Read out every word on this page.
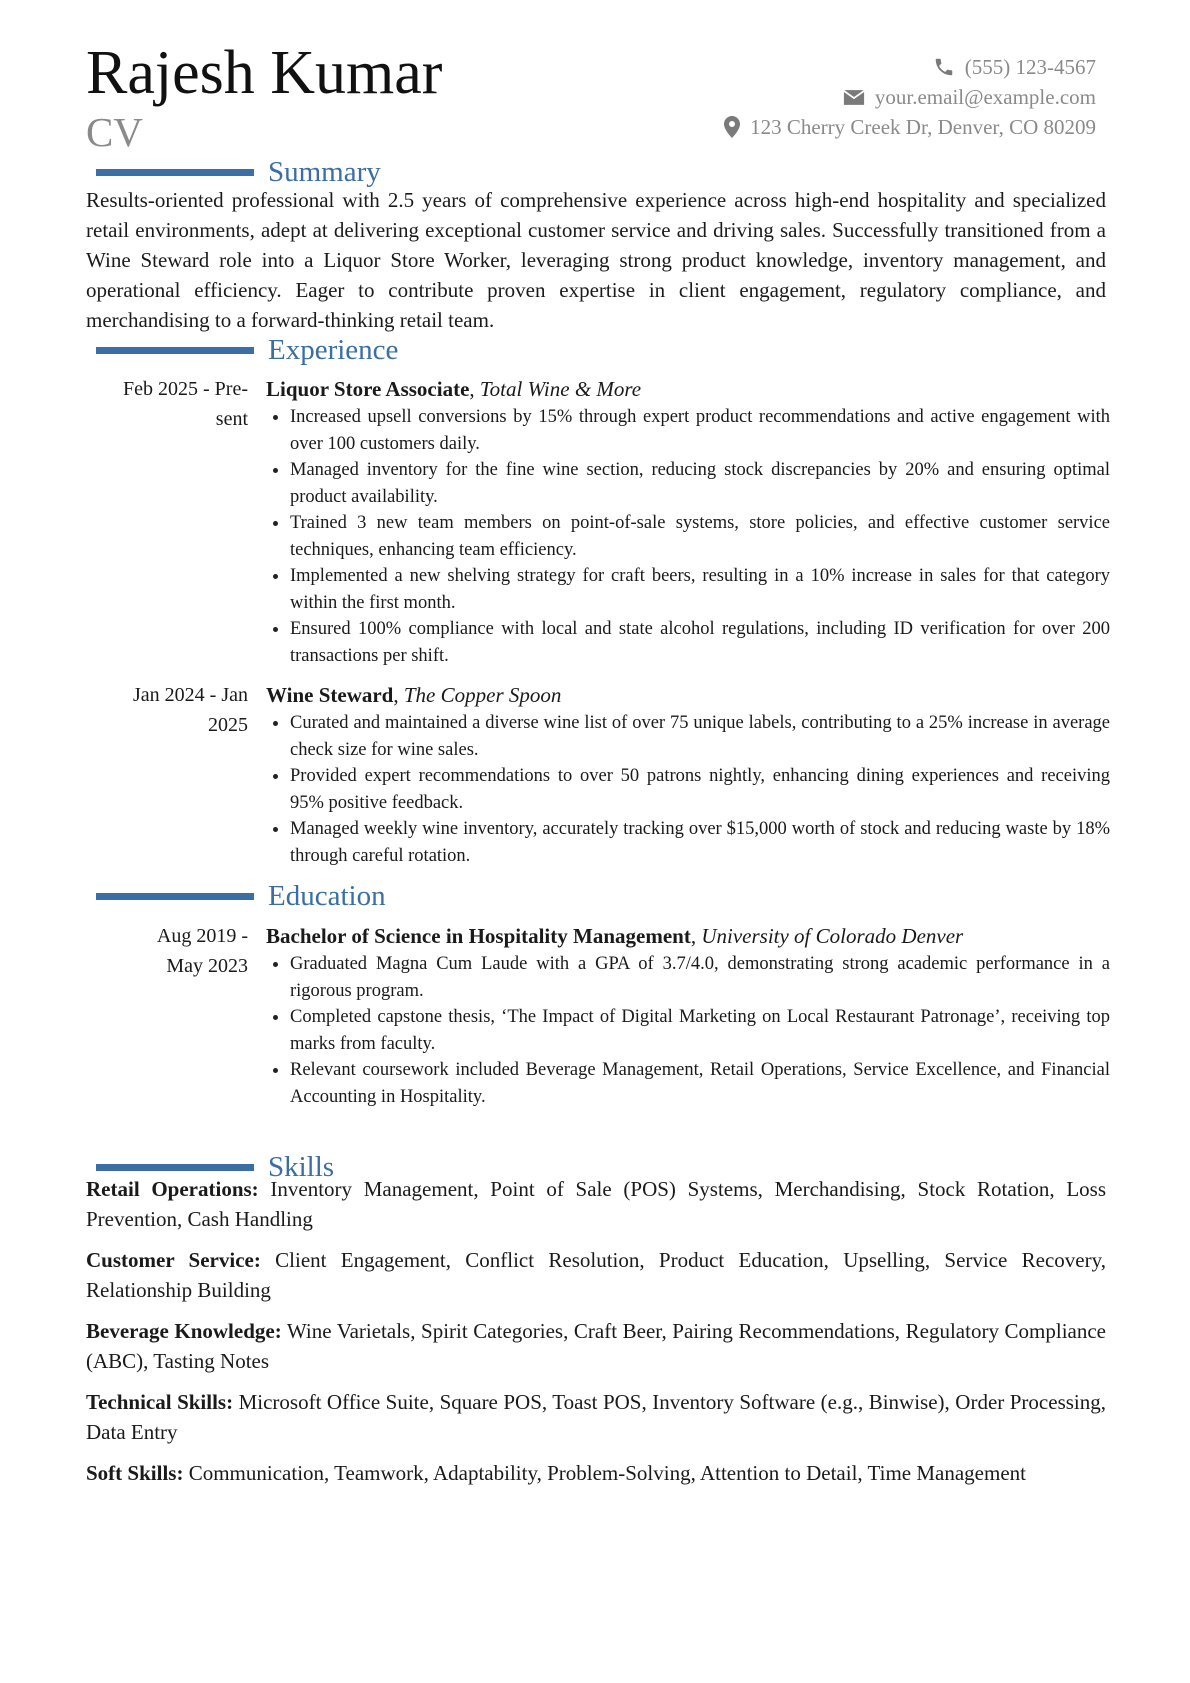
Rajesh Kumar
CV
(555) 123-4567
your.email@example.com
123 Cherry Creek Dr, Denver, CO 80209
Summary
Results-oriented professional with 2.5 years of comprehensive experience across high-end hospitality and specialized retail environments, adept at delivering exceptional customer service and driving sales. Successfully transitioned from a Wine Steward role into a Liquor Store Worker, leveraging strong product knowledge, inventory management, and operational efficiency. Eager to contribute proven expertise in client engagement, regulatory compliance, and merchandising to a forward-thinking retail team.
Experience
Feb 2025 - Pre-
sent
Liquor Store Associate, Total Wine & More
Increased upsell conversions by 15% through expert product recommendations and active engagement with over 100 customers daily.
Managed inventory for the fine wine section, reducing stock discrepancies by 20% and ensuring optimal product availability.
Trained 3 new team members on point-of-sale systems, store policies, and effective customer service techniques, enhancing team efficiency.
Implemented a new shelving strategy for craft beers, resulting in a 10% increase in sales for that category within the first month.
Ensured 100% compliance with local and state alcohol regulations, including ID verification for over 200 transactions per shift.
Jan 2024 - Jan
2025
Wine Steward, The Copper Spoon
Curated and maintained a diverse wine list of over 75 unique labels, contributing to a 25% increase in average check size for wine sales.
Provided expert recommendations to over 50 patrons nightly, enhancing dining experiences and receiving 95% positive feedback.
Managed weekly wine inventory, accurately tracking over $15,000 worth of stock and reducing waste by 18% through careful rotation.
Education
Aug 2019 -
May 2023
Bachelor of Science in Hospitality Management, University of Colorado Denver
Graduated Magna Cum Laude with a GPA of 3.7/4.0, demonstrating strong academic performance in a rigorous program.
Completed capstone thesis, ‘The Impact of Digital Marketing on Local Restaurant Patronage’, receiving top marks from faculty.
Relevant coursework included Beverage Management, Retail Operations, Service Excellence, and Financial Accounting in Hospitality.
Skills
Retail Operations: Inventory Management, Point of Sale (POS) Systems, Merchandising, Stock Rotation, Loss Prevention, Cash Handling
Customer Service: Client Engagement, Conflict Resolution, Product Education, Upselling, Service Recovery, Relationship Building
Beverage Knowledge: Wine Varietals, Spirit Categories, Craft Beer, Pairing Recommendations, Regulatory Compliance (ABC), Tasting Notes
Technical Skills: Microsoft Office Suite, Square POS, Toast POS, Inventory Software (e.g., Binwise), Order Processing, Data Entry
Soft Skills: Communication, Teamwork, Adaptability, Problem-Solving, Attention to Detail, Time Management
